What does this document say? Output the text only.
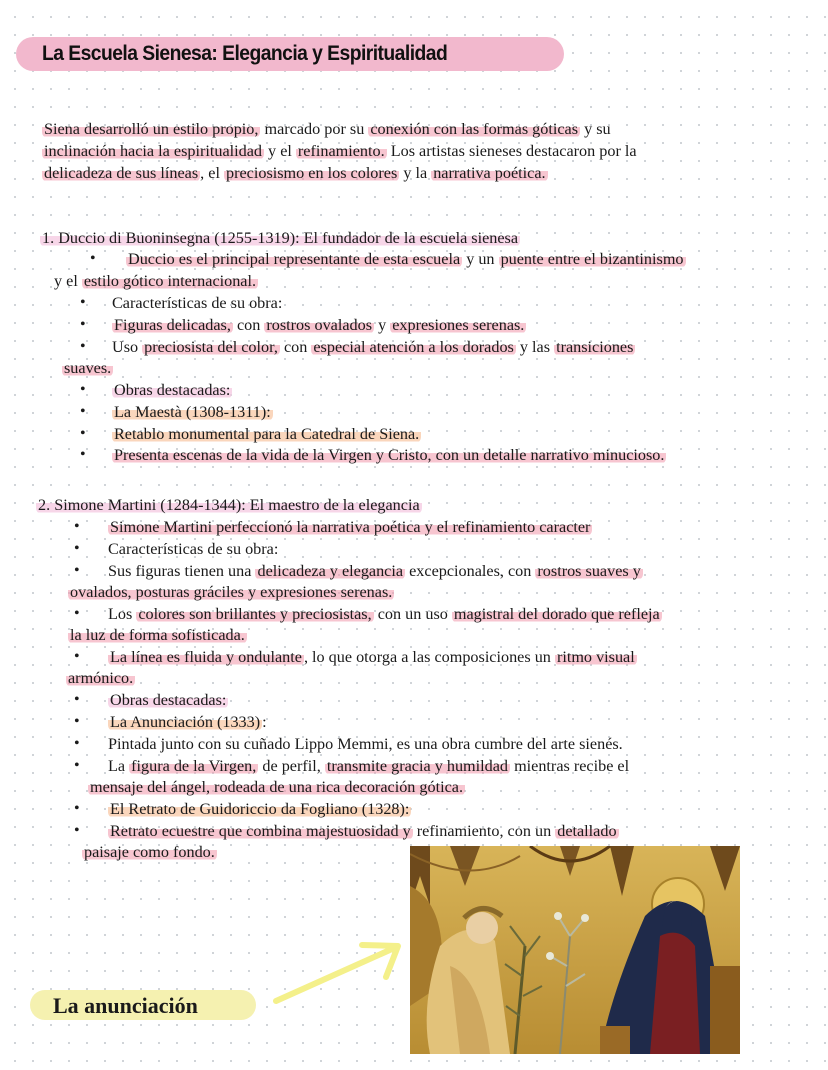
La Escuela Sienesa: Elegancia y Espiritualidad
Siena desarrolló un estilo propio, marcado por su conexión con las formas góticas y su
inclinación hacia la espiritualidad y el refinamiento. Los artistas sieneses destacaron por la
delicadeza de sus líneas , el preciosismo en los colores y la narrativa poética.
1. Duccio di Buoninsegna (1255-1319): El fundador de la escuela sienesa
• Duccio es el principal representante de esta escuela y un puente entre el bizantinismo
y el estilo gótico internacional.
• Características de su obra:
• Figuras delicadas, con rostros ovalados y expresiones serenas.
• Uso preciosista del color, con especial atención a los dorados y las transiciones
suaves.
• Obras destacadas:
• La Maestà (1308-1311):
• Retablo monumental para la Catedral de Siena.
• Presenta escenas de la vida de la Virgen y Cristo, con un detalle narrativo minucioso.
2. Simone Martini (1284-1344): El maestro de la elegancia
• Simone Martini perfeccionó la narrativa poética y el refinamiento caracter
• Características de su obra:
• Sus figuras tienen una delicadeza y elegancia excepcionales, con rostros suaves y
ovalados, posturas gráciles y expresiones serenas.
• Los colores son brillantes y preciosistas, con un uso magistral del dorado que refleja
la luz de forma sofisticada.
• La línea es fluida y ondulante , lo que otorga a las composiciones un ritmo visual
armónico.
• Obras destacadas:
• La Anunciación (1333) :
• Pintada junto con su cuñado Lippo Memmi, es una obra cumbre del arte sienés.
• La figura de la Virgen, de perfil, transmite gracia y humildad mientras recibe el
mensaje del ángel, rodeada de una rica decoración gótica.
• El Retrato de Guidoriccio da Fogliano (1328):
• Retrato ecuestre que combina majestuosidad y refinamiento, con un detallado
paisaje como fondo.
La anunciación
